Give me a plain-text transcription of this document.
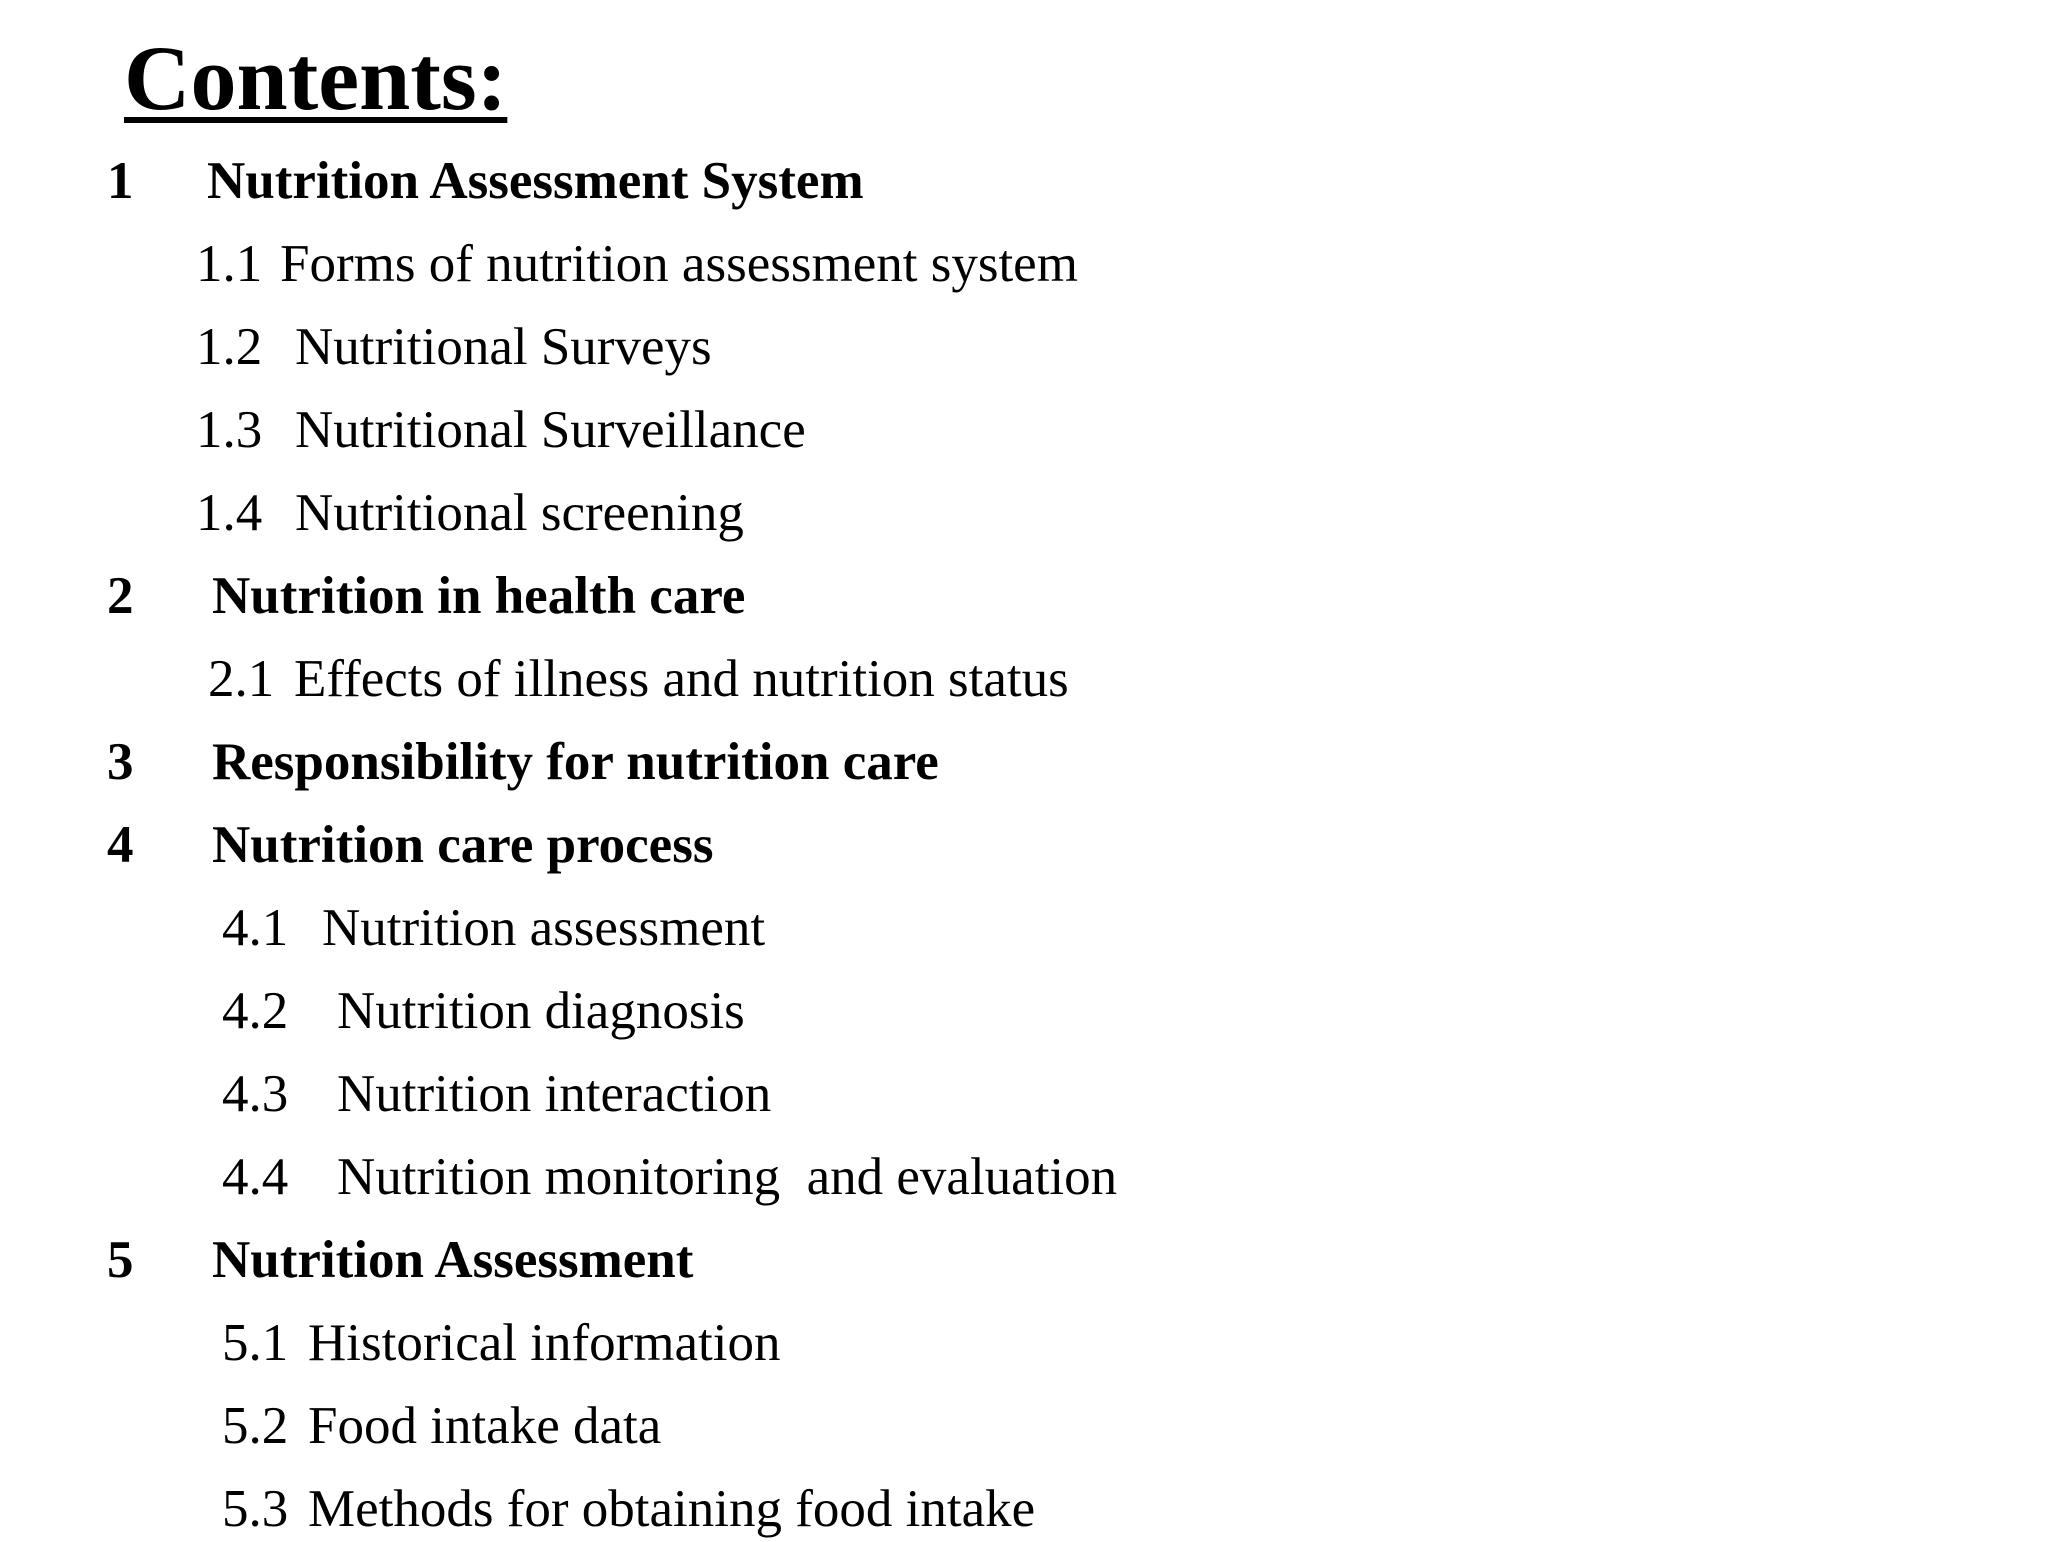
Contents:
1 Nutrition Assessment System
1.1 Forms of nutrition assessment system
1.2 Nutritional Surveys
1.3 Nutritional Surveillance
1.4 Nutritional screening
2 Nutrition in health care
2.1 Effects of illness and nutrition status
3 Responsibility for nutrition care
4 Nutrition care process
4.1 Nutrition assessment
4.2 Nutrition diagnosis
4.3 Nutrition interaction
4.4 Nutrition monitoring  and evaluation
5 Nutrition Assessment
5.1 Historical information
5.2 Food intake data
5.3 Methods for obtaining food intake
